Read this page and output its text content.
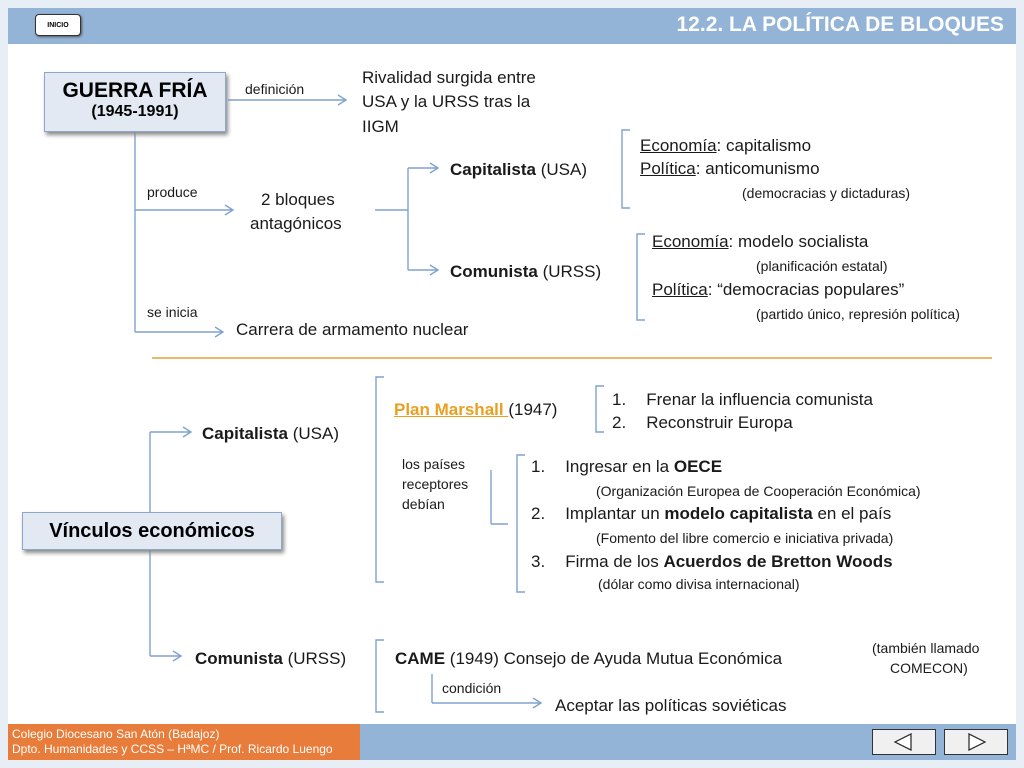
INICIO	12.2. LA POLÍTICA DE BLOQUES
GUERRA FRÍA
(1945-1991)
definición
Rivalidad surgida entre
USA y la URSS tras la
IIGM
produce	2 bloques
antagónicos
Capitalista (USA)
Comunista (URSS)
Economía: capitalismo
Política: anticomunismo
(democracias y dictaduras)
Economía: modelo socialista
(planificación estatal)
Política: “democracias populares”
(partido único, represión política)
se inicia
Carrera de armamento nuclear
Vínculos económicos
Capitalista (USA)
Plan Marshall (1947)
1. Frenar la influencia comunista
2. Reconstruir Europa
los países
receptores
debían
1. Ingresar en la OECE
(Organización Europea de Cooperación Económica)
2. Implantar un modelo capitalista en el país
(Fomento del libre comercio e iniciativa privada)
3. Firma de los Acuerdos de Bretton Woods
(dólar como divisa internacional)
Comunista (URSS)	CAME (1949) Consejo de Ayuda Mutua Económica
(también llamado
COMECON)
condición
Aceptar las políticas soviéticas
Colegio Diocesano San Atón (Badajoz)
Dpto. Humanidades y CCSS – HªMC / Prof. Ricardo Luengo
